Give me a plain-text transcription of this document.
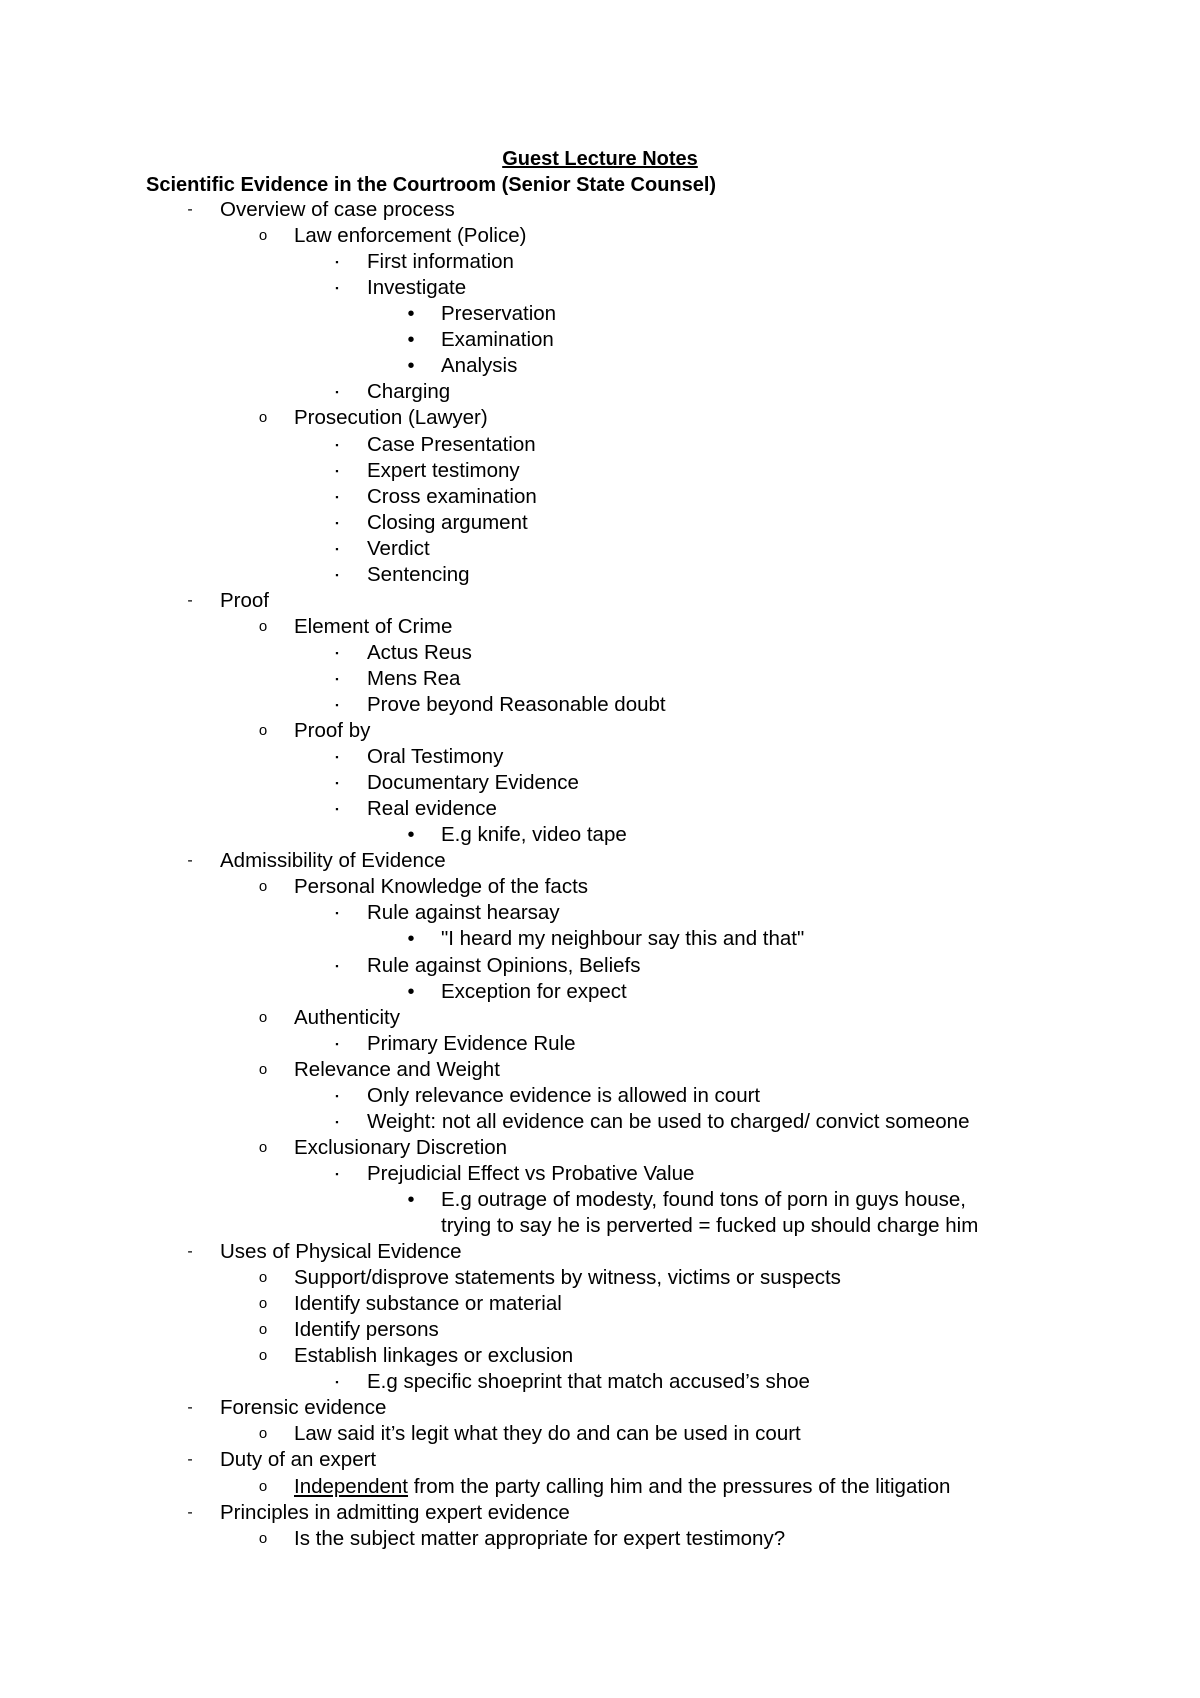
Guest Lecture Notes
Scientific Evidence in the Courtroom (Senior State Counsel)
- Overview of case process
o Law enforcement (Police)
▪ First information
▪ Investigate
• Preservation
• Examination
• Analysis
▪ Charging
o Prosecution (Lawyer)
▪ Case Presentation
▪ Expert testimony
▪ Cross examination
▪ Closing argument
▪ Verdict
▪ Sentencing
- Proof
o Element of Crime
▪ Actus Reus
▪ Mens Rea
▪ Prove beyond Reasonable doubt
o Proof by
▪ Oral Testimony
▪ Documentary Evidence
▪ Real evidence
• E.g knife, video tape
- Admissibility of Evidence
o Personal Knowledge of the facts
▪ Rule against hearsay
• "I heard my neighbour say this and that"
▪ Rule against Opinions, Beliefs
• Exception for expect
o Authenticity
▪ Primary Evidence Rule
o Relevance and Weight
▪ Only relevance evidence is allowed in court
▪ Weight: not all evidence can be used to charged/ convict someone
o Exclusionary Discretion
▪ Prejudicial Effect vs Probative Value
• E.g outrage of modesty, found tons of porn in guys house,
trying to say he is perverted = fucked up should charge him
- Uses of Physical Evidence
o Support/disprove statements by witness, victims or suspects
o Identify substance or material
o Identify persons
o Establish linkages or exclusion
▪ E.g specific shoeprint that match accused’s shoe
- Forensic evidence
o Law said it’s legit what they do and can be used in court
- Duty of an expert
o Independent from the party calling him and the pressures of the litigation
- Principles in admitting expert evidence
o Is the subject matter appropriate for expert testimony?
